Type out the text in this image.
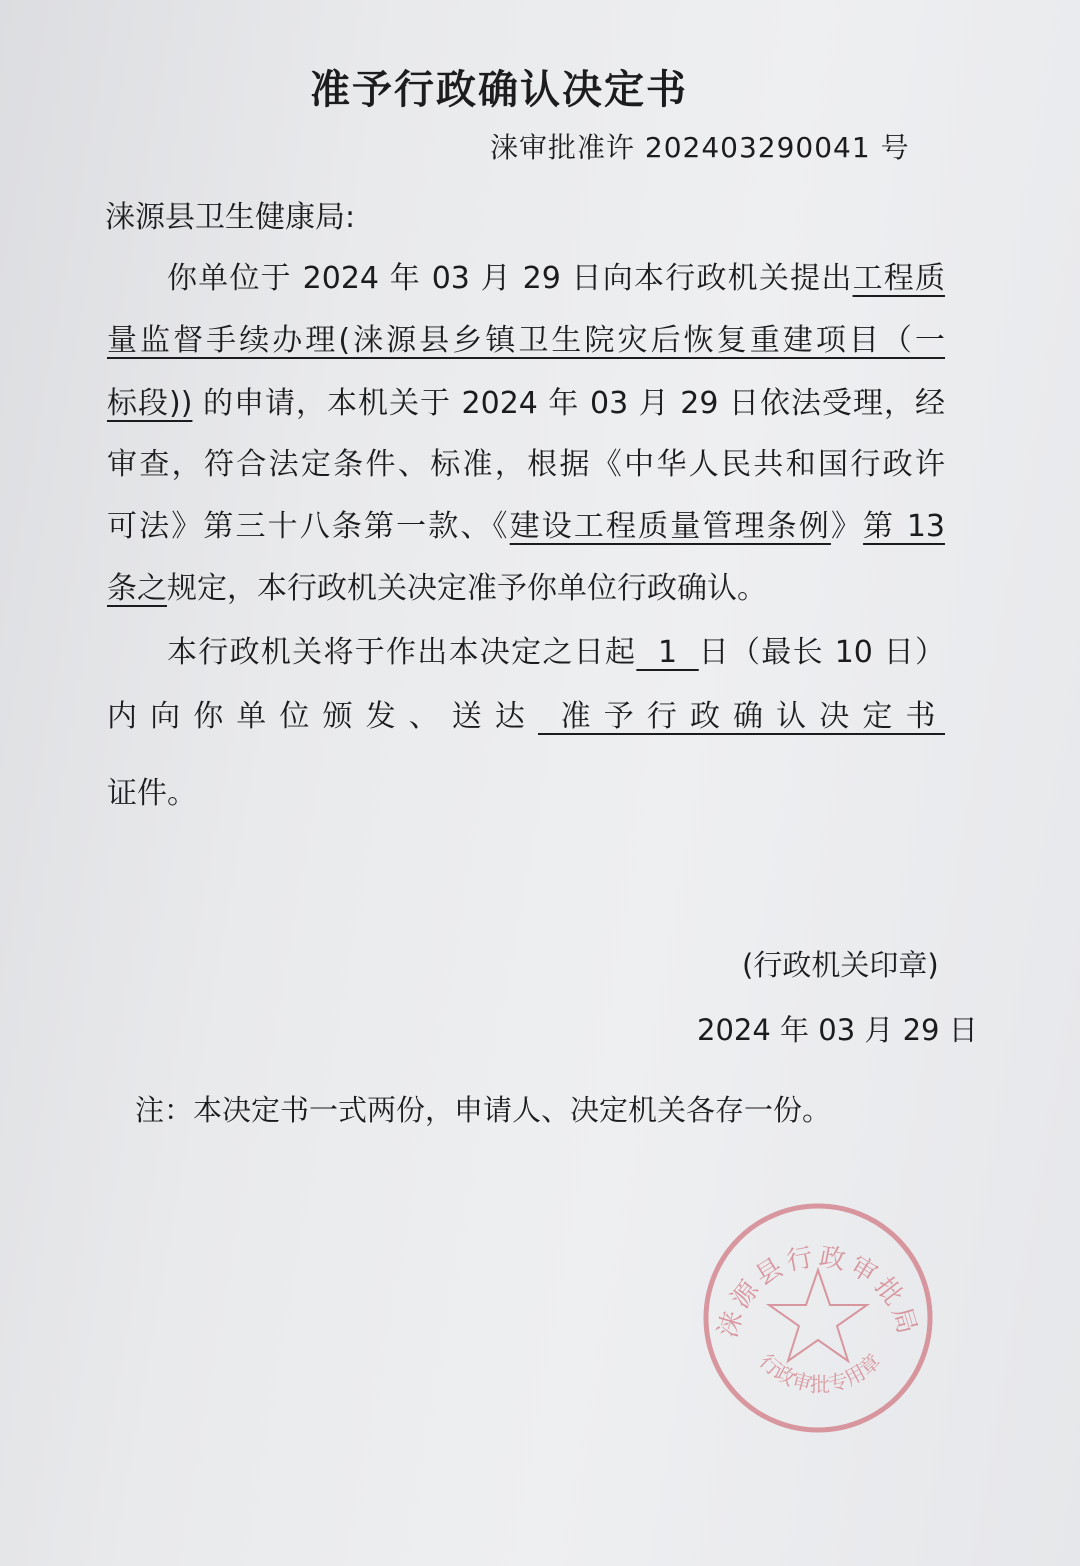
准予行政确认决定书
涞审批准许 202403290041 号
涞源县卫生健康局:
你单位于 2024 年 03 月 29 日向本行政机关提出工程质
量监督手续办理(涞源县乡镇卫生院灾后恢复重建项目（一
标段)) 的申请，本机关于 2024 年 03 月 29 日依法受理，经
审查，符合法定条件、标准，根据《中华人民共和国行政许
可法》第三十八条第一款、《建设工程质量管理条例》第 13
条之规定，本行政机关决定准予你单位行政确认。
本行政机关将于作出本决定之日起  1  日（最长 10 日）
内 向 你 单 位 颁 发 、 送 达   准 予 行 政 确 认 决 定 书
证件。
(行政机关印章)
2024 年 03 月 29 日
注：本决定书一式两份，申请人、决定机关各存一份。
涞源县行政审批局
行政审批专用章
